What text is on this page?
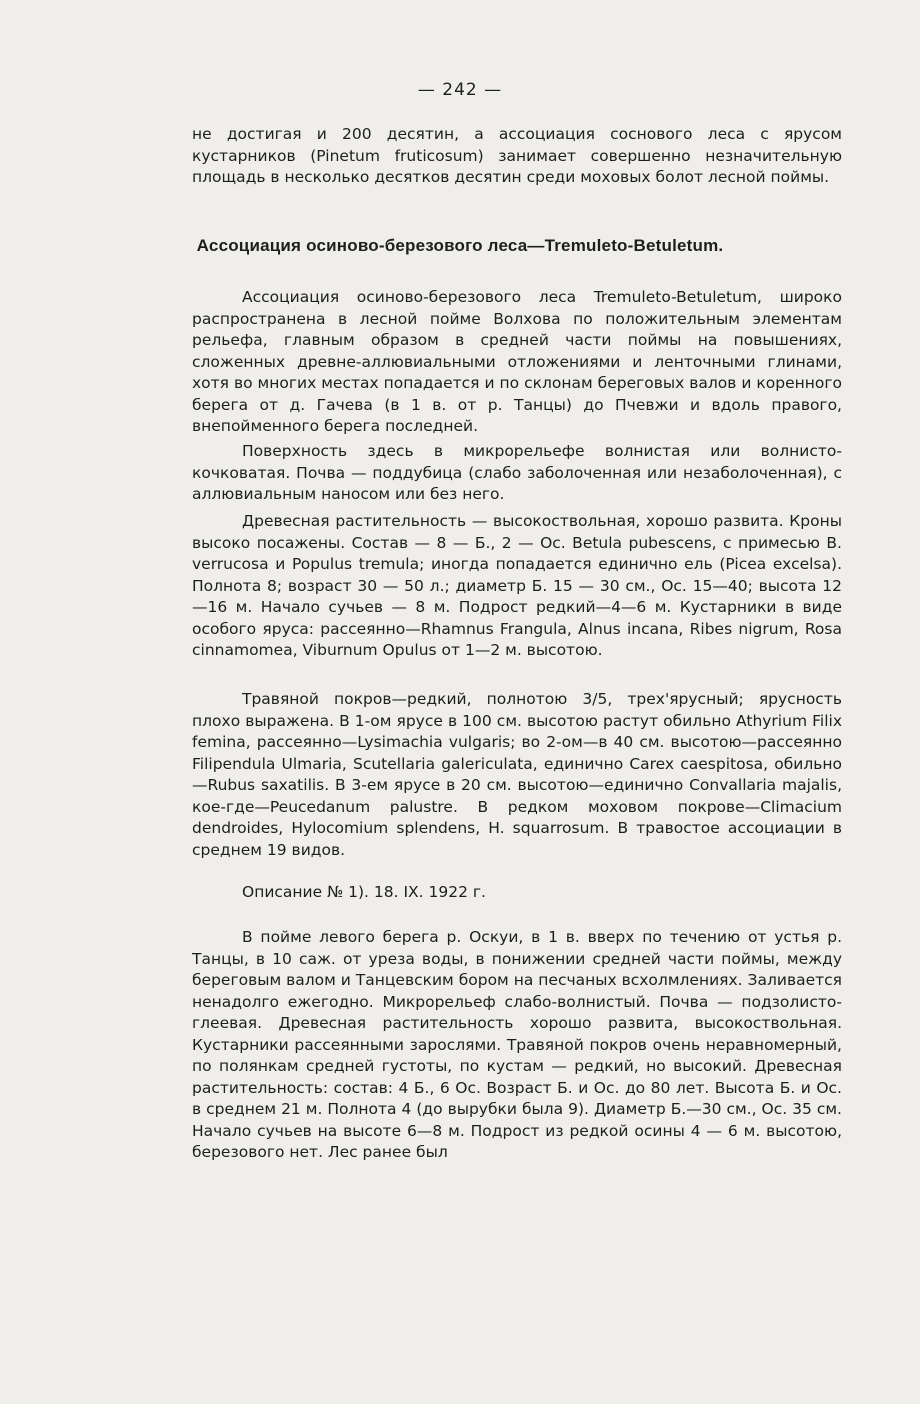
— 242 —

не достигая и 200 десятин, а ассоциация соснового леса с ярусом кустарников (Pinetum fruticosum) занимает совершенно незначительную площадь в несколько десятков десятин среди моховых болот лесной поймы.

Ассоциация осиново-березового леса—Tremuleto-Betuletum.

Ассоциация осиново-березового леса Tremuleto-Betuletum, широко распространена в лесной пойме Волхова по положительным элементам рельефа, главным образом в средней части поймы на повышениях, сложенных древне-аллювиальными отложениями и ленточными глинами, хотя во многих местах попадается и по склонам береговых валов и коренного берега от д. Гачева (в 1 в. от р. Танцы) до Пчевжи и вдоль правого, внепойменного берега последней.

Поверхность здесь в микрорельефе волнистая или волнисто-кочковатая. Почва — поддубица (слабо заболоченная или незаболоченная), с аллювиальным наносом или без него.

Древесная растительность — высокоствольная, хорошо развита. Кроны высоко посажены. Состав — 8 — Б., 2 — Ос. Betula pubescens, с примесью B. verrucosa и Populus tremula; иногда попадается единично ель (Picea excelsa). Полнота 8; возраст 30 — 50 л.; диаметр Б. 15 — 30 см., Ос. 15—40; высота 12—16 м. Начало сучьев — 8 м. Подрост редкий—4—6 м. Кустарники в виде особого яруса: рассеянно—Rhamnus Frangula, Alnus incana, Ribes nigrum, Rosa cinnamomea, Viburnum Opulus от 1—2 м. высотою.

Травяной покров—редкий, полнотою 3/5, трех'ярусный; ярусность плохо выражена. В 1-ом ярусе в 100 см. высотою растут обильно Athyrium Filix femina, рассеянно—Lysimachia vulgaris; во 2-ом—в 40 см. высотою—рассеянно Filipendula Ulmaria, Scutellaria galericulata, единично Carex caespitosa, обильно—Rubus saxatilis. В 3-ем ярусе в 20 см. высотою—единично Convallaria majalis, кое-где—Peucedanum palustre. В редком моховом покрове—Climacium dendroides, Hylocomium splendens, H. squarrosum. В травостое ассоциации в среднем 19 видов.

Описание № 1). 18. IX. 1922 г.

В пойме левого берега р. Оскуи, в 1 в. вверх по течению от устья р. Танцы, в 10 саж. от уреза воды, в понижении средней части поймы, между береговым валом и Танцевским бором на песчаных всхолмлениях. Заливается ненадолго ежегодно. Микрорельеф слабо-волнистый. Почва — подзолисто-глеевая. Древесная растительность хорошо развита, высокоствольная. Кустарники рассеянными зарослями. Травяной покров очень неравномерный, по полянкам средней густоты, по кустам — редкий, но высокий. Древесная растительность: состав: 4 Б., 6 Ос. Возраст Б. и Ос. до 80 лет. Высота Б. и Ос. в среднем 21 м. Полнота 4 (до вырубки была 9). Диаметр Б.—30 см., Ос. 35 см. Начало сучьев на высоте 6—8 м. Подрост из редкой осины 4 — 6 м. высотою, березового нет. Лес ранее был
